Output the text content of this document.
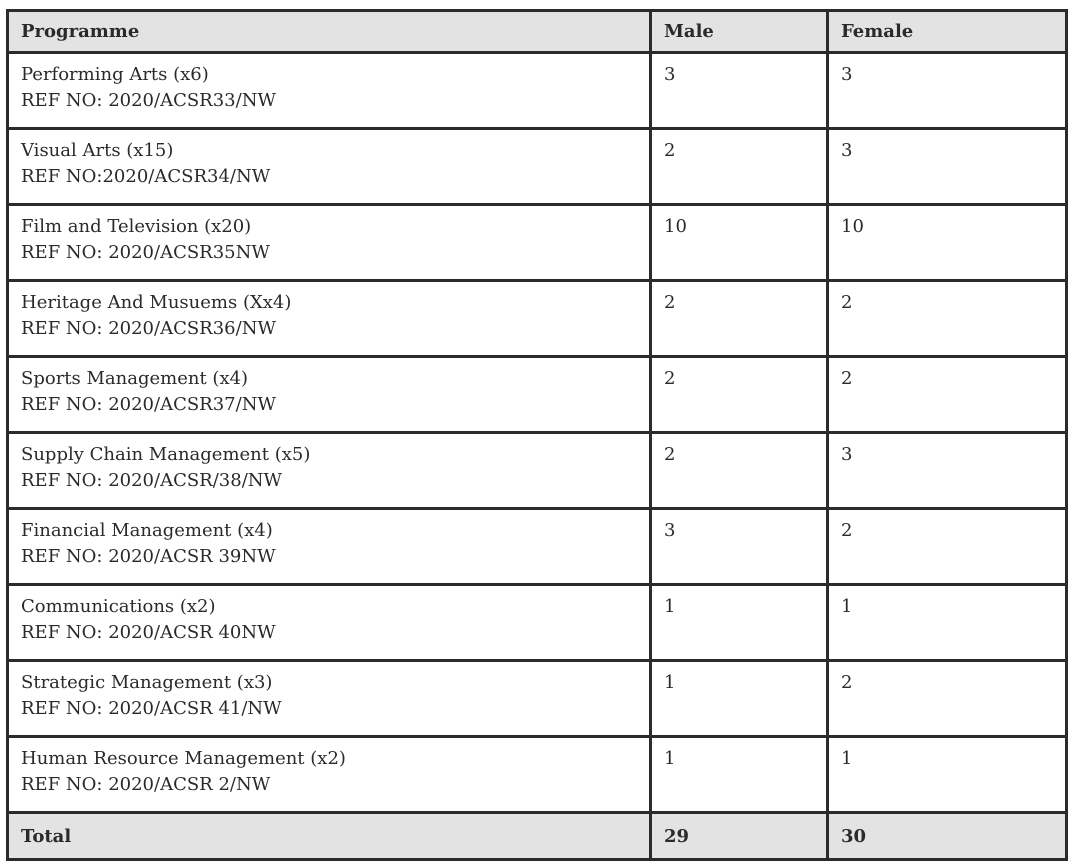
Programme	Male	Female

Performing Arts (x6)
REF NO: 2020/ACSR33/NW	3	3

Visual Arts (x15)
REF NO:2020/ACSR34/NW	2	3

Film and Television (x20)
REF NO: 2020/ACSR35NW	10	10

Heritage And Musuems (Xx4)
REF NO: 2020/ACSR36/NW	2	2

Sports Management (x4)
REF NO: 2020/ACSR37/NW	2	2

Supply Chain Management (x5)
REF NO: 2020/ACSR/38/NW	2	3

Financial Management (x4)
REF NO: 2020/ACSR 39NW	3	2

Communications (x2)
REF NO: 2020/ACSR 40NW	1	1

Strategic Management (x3)
REF NO: 2020/ACSR 41/NW	1	2

Human Resource Management (x2)
REF NO: 2020/ACSR 2/NW	1	1
Total	29	30
